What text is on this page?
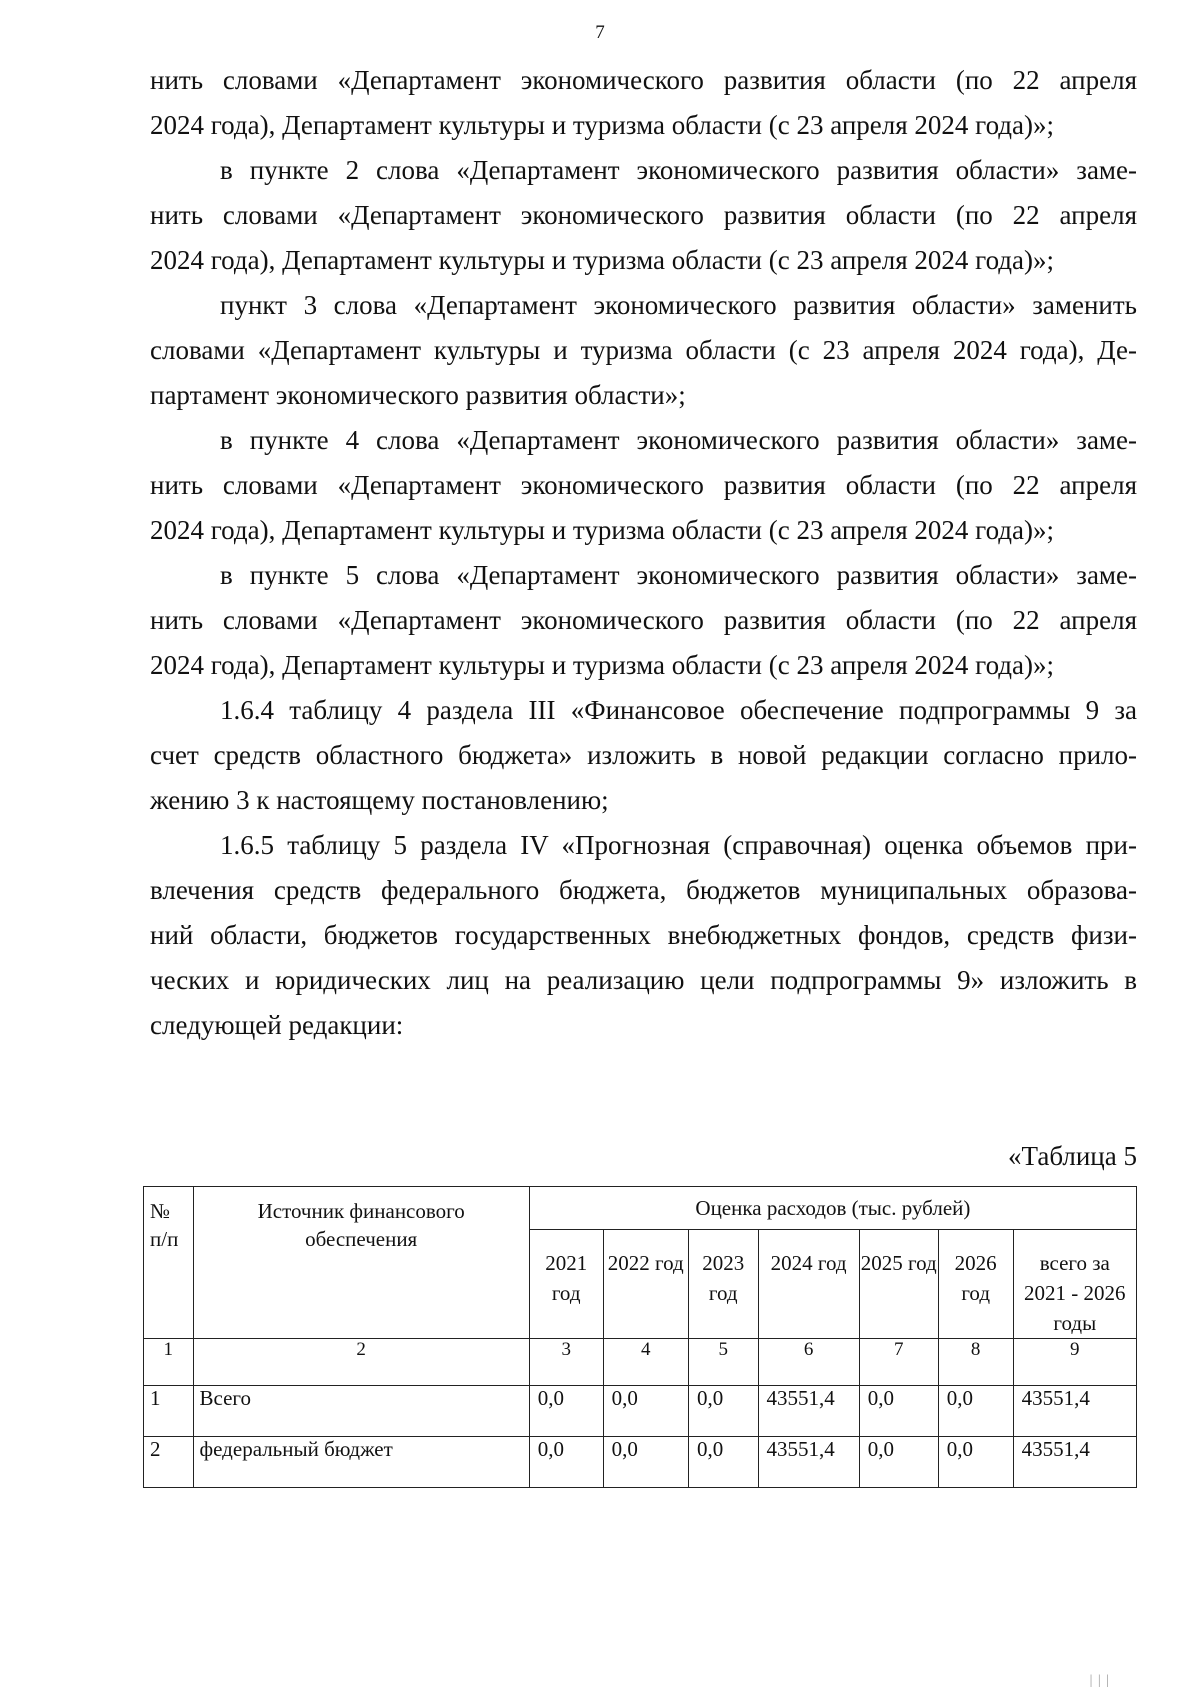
7
нить словами «Департамент экономического развития области (по 22 апреля
2024 года), Департамент культуры и туризма области (с 23 апреля 2024 года)»;
в пункте 2 слова «Департамент экономического развития области» заме-
нить словами «Департамент экономического развития области (по 22 апреля
2024 года), Департамент культуры и туризма области (с 23 апреля 2024 года)»;
пункт 3 слова «Департамент экономического развития области» заменить
словами «Департамент культуры и туризма области (с 23 апреля 2024 года), Де-
партамент экономического развития области»;
в пункте 4 слова «Департамент экономического развития области» заме-
нить словами «Департамент экономического развития области (по 22 апреля
2024 года), Департамент культуры и туризма области (с 23 апреля 2024 года)»;
в пункте 5 слова «Департамент экономического развития области» заме-
нить словами «Департамент экономического развития области (по 22 апреля
2024 года), Департамент культуры и туризма области (с 23 апреля 2024 года)»;
1.6.4 таблицу 4 раздела III «Финансовое обеспечение подпрограммы 9 за
счет средств областного бюджета» изложить в новой редакции согласно прило-
жению 3 к настоящему постановлению;
1.6.5 таблицу 5 раздела IV «Прогнозная (справочная) оценка объемов при-
влечения средств федерального бюджета, бюджетов муниципальных образова-
ний области, бюджетов государственных внебюджетных фондов, средств физи-
ческих и юридических лиц на реализацию цели подпрограммы 9» изложить в
следующей редакции:
«Таблица 5
№ п/п	Источник финансового обеспечения	Оценка расходов (тыс. рублей)						

		2021 год	2022 год	2023 год	2024 год	2025 год	2026 год	всего за 2021 - 2026 годы

1	2	3	4	5	6	7	8	9
1	Всего	0,0	0,0	0,0	43551,4	0,0	0,0	43551,4
2	федеральный бюджет	0,0	0,0	0,0	43551,4	0,0	0,0	43551,4
| | |
